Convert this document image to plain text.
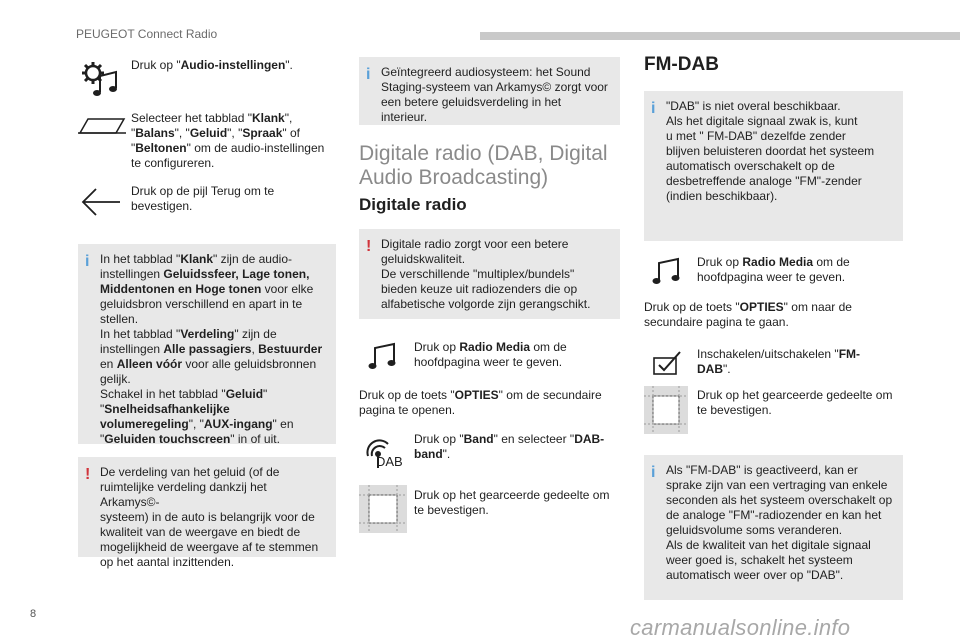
PEUGEOT Connect Radio
Druk op "Audio-instellingen".
Selecteer het tabblad "Klank",
"Balans", "Geluid", "Spraak" of
"Beltonen" om de audio-instellingen
te configureren.
Druk op de pijl Terug om te
bevestigen.
i In het tabblad "Klank" zijn de audio-
instellingen Geluidssfeer, Lage tonen,
Middentonen en Hoge tonen voor elke
geluidsbron verschillend en apart in te
stellen.
In het tabblad "Verdeling" zijn de
instellingen Alle passagiers, Bestuurder
en Alleen vóór voor alle geluidsbronnen
gelijk.
Schakel in het tabblad "Geluid"
"Snelheidsafhankelijke
volumeregeling", "AUX-ingang" en
"Geluiden touchscreen" in of uit.

! De verdeling van het geluid (of de
ruimtelijke verdeling dankzij het Arkamys©-
systeem) in de auto is belangrijk voor de
kwaliteit van de weergave en biedt de
mogelijkheid de weergave af te stemmen
op het aantal inzittenden.

i Geïntegreerd audiosysteem: het Sound
Staging-systeem van Arkamys© zorgt voor
een betere geluidsverdeling in het interieur.

Digitale radio (DAB, Digital
Audio Broadcasting)
Digitale radio
! Digitale radio zorgt voor een betere
geluidskwaliteit.
De verschillende "multiplex/bundels"
bieden keuze uit radiozenders die op
alfabetische volgorde zijn gerangschikt.

Druk op Radio Media om de
hoofdpagina weer te geven.
Druk op de toets "OPTIES" om de secundaire
pagina te openen.
DAB
Druk op "Band" en selecteer "DAB-
band".
Druk op het gearceerde gedeelte om
te bevestigen.
FM-DAB
i "DAB" is niet overal beschikbaar.
Als het digitale signaal zwak is, kunt
u met " FM-DAB" dezelfde zender
blijven beluisteren doordat het systeem
automatisch overschakelt op de
desbetreffende analoge "FM"-zender
(indien beschikbaar).

Druk op Radio Media om de
hoofdpagina weer te geven.
Druk op de toets "OPTIES" om naar de
secundaire pagina te gaan.
Inschakelen/uitschakelen "FM-
DAB".
Druk op het gearceerde gedeelte om
te bevestigen.
i Als "FM-DAB" is geactiveerd, kan er
sprake zijn van een vertraging van enkele
seconden als het systeem overschakelt op
de analoge "FM"-radiozender en kan het
geluidsvolume soms veranderen.
Als de kwaliteit van het digitale signaal
weer goed is, schakelt het systeem
automatisch weer over op "DAB".

8
carmanualsonline.info
